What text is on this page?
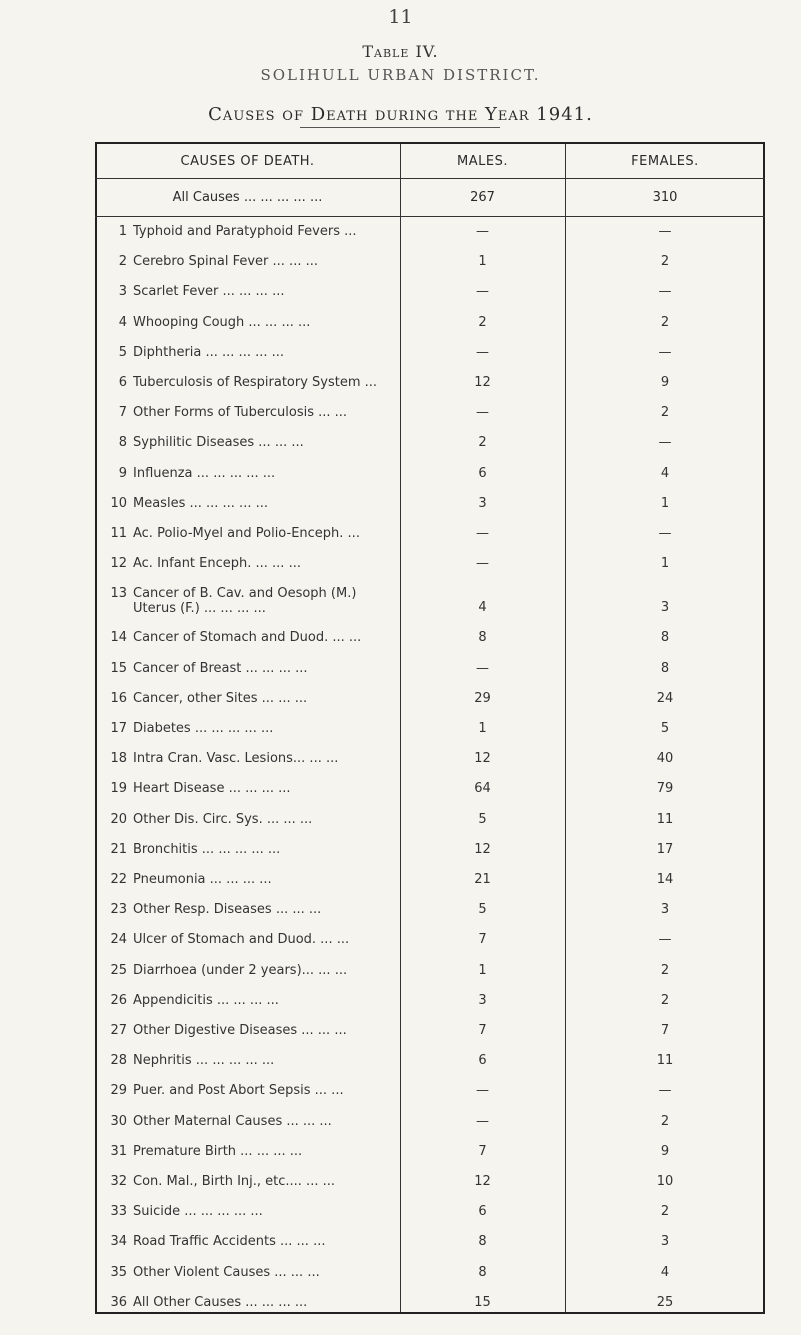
11
Table IV.
SOLIHULL URBAN DISTRICT.
Causes of Death during the Year 1941.
CAUSES OF DEATH.	MALES.	FEMALES.
All Causes ... ... ... ... ...	267	310
1 Typhoid and Paratyphoid Fevers ...	—	—
2 Cerebro Spinal Fever ... ... ...	1	2
3 Scarlet Fever ... ... ... ...	—	—
4 Whooping Cough ... ... ... ...	2	2
5 Diphtheria ... ... ... ... ...	—	—
6 Tuberculosis of Respiratory System ...	12	9
7 Other Forms of Tuberculosis ... ...	—	2
8 Syphilitic Diseases ... ... ...	2	—
9 Influenza ... ... ... ... ...	6	4
10 Measles ... ... ... ... ...	3	1
11 Ac. Polio-Myel and Polio-Enceph. ...	—	—
12 Ac. Infant Enceph. ... ... ...	—	1
13 Cancer of B. Cav. and Oesoph (M.) Uterus (F.) ... ... ... ...	4	3
14 Cancer of Stomach and Duod. ... ...	8	8
15 Cancer of Breast ... ... ... ...	—	8
16 Cancer, other Sites ... ... ...	29	24
17 Diabetes ... ... ... ... ...	1	5
18 Intra Cran. Vasc. Lesions... ... ...	12	40
19 Heart Disease ... ... ... ...	64	79
20 Other Dis. Circ. Sys. ... ... ...	5	11
21 Bronchitis ... ... ... ... ...	12	17
22 Pneumonia ... ... ... ...	21	14
23 Other Resp. Diseases ... ... ...	5	3
24 Ulcer of Stomach and Duod. ... ...	7	—
25 Diarrhoea (under 2 years)... ... ...	1	2
26 Appendicitis ... ... ... ...	3	2
27 Other Digestive Diseases ... ... ...	7	7
28 Nephritis ... ... ... ... ...	6	11
29 Puer. and Post Abort Sepsis ... ...	—	—
30 Other Maternal Causes ... ... ...	—	2
31 Premature Birth ... ... ... ...	7	9
32 Con. Mal., Birth Inj., etc.... ... ...	12	10
33 Suicide ... ... ... ... ...	6	2
34 Road Traffic Accidents ... ... ...	8	3
35 Other Violent Causes ... ... ...	8	4
36 All Other Causes ... ... ... ...	15	25
